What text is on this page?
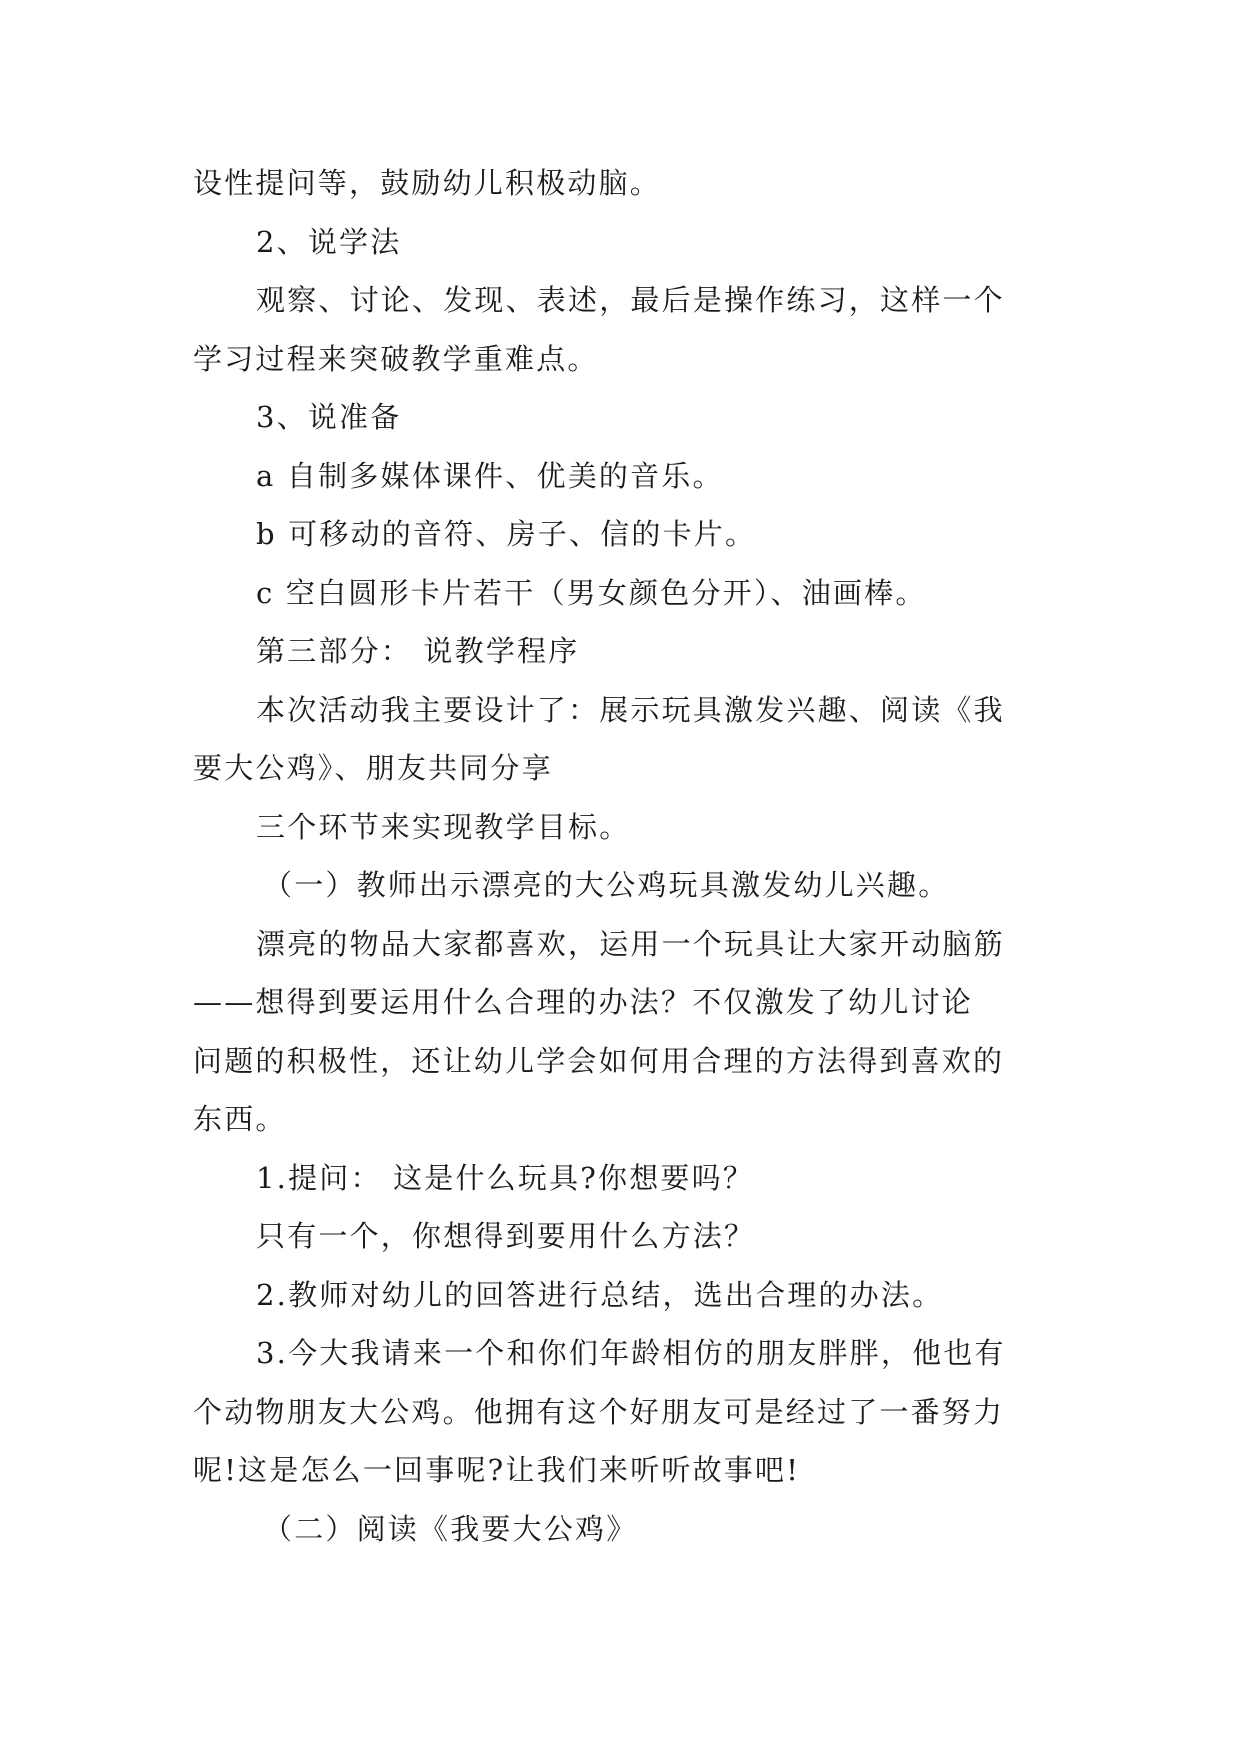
设性提问等，鼓励幼儿积极动脑。
2、说学法
观察、讨论、发现、表述，最后是操作练习，这样一个
学习过程来突破教学重难点。
3、说准备
a 自制多媒体课件、优美的音乐。
b 可移动的音符、房子、信的卡片。
c 空白圆形卡片若干（男女颜色分开）、油画棒。
第三部分： 说教学程序
本次活动我主要设计了：展示玩具激发兴趣、阅读《我
要大公鸡》、朋友共同分享
三个环节来实现教学目标。
（一）教师出示漂亮的大公鸡玩具激发幼儿兴趣。
漂亮的物品大家都喜欢，运用一个玩具让大家开动脑筋
——想得到要运用什么合理的办法？不仅激发了幼儿讨论
问题的积极性，还让幼儿学会如何用合理的方法得到喜欢的
东西。
1.提问： 这是什么玩具?你想要吗？
只有一个，你想得到要用什么方法？
2.教师对幼儿的回答进行总结，选出合理的办法。
3.今大我请来一个和你们年龄相仿的朋友胖胖，他也有
个动物朋友大公鸡。他拥有这个好朋友可是经过了一番努力
呢!这是怎么一回事呢?让我们来听听故事吧!
（二）阅读《我要大公鸡》
